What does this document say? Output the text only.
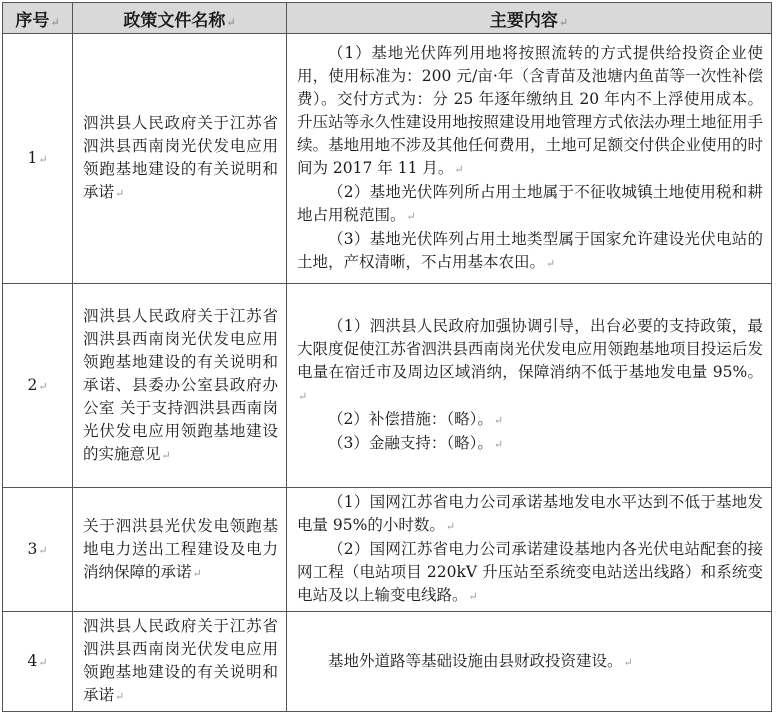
序号↵	政策文件名称↵	主要内容↵
1↵	泗洪县人民政府关于江苏省泗洪县西南岗光伏发电应用领跑基地建设的有关说明和承诺↵	（1）基地光伏阵列用地将按照流转的方式提供给投资企业使用，使用标准为：200 元/亩·年（含青苗及池塘内鱼苗等一次性补偿费）。交付方式为：分 25 年逐年缴纳且 20 年内不上浮使用成本。升压站等永久性建设用地按照建设用地管理方式依法办理土地征用手续。基地用地不涉及其他任何费用，土地可足额交付供企业使用的时间为 2017 年 11 月。↵

（2）基地光伏阵列所占用土地属于不征收城镇土地使用税和耕地占用税范围。↵

（3）基地光伏阵列占用土地类型属于国家允许建设光伏电站的土地，产权清晰，不占用基本农田。↵

2↵	泗洪县人民政府关于江苏省泗洪县西南岗光伏发电应用领跑基地建设的有关说明和承诺、县委办公室县政府办公室 关于支持泗洪县西南岗光伏发电应用领跑基地建设的实施意见↵	（1）泗洪县人民政府加强协调引导，出台必要的支持政策，最大限度促使江苏省泗洪县西南岗光伏发电应用领跑基地项目投运后发电量在宿迁市及周边区域消纳，保障消纳不低于基地发电量 95%。↵

（2）补偿措施：（略）。↵

（3）金融支持：（略）。↵

3↵	关于泗洪县光伏发电领跑基地电力送出工程建设及电力消纳保障的承诺↵	（1）国网江苏省电力公司承诺基地发电水平达到不低于基地发电量 95%的小时数。↵

（2）国网江苏省电力公司承诺建设基地内各光伏电站配套的接网工程（电站项目 220kV 升压站至系统变电站送出线路）和系统变电站及以上输变电线路。↵

4↵	泗洪县人民政府关于江苏省泗洪县西南岗光伏发电应用领跑基地建设的有关说明和承诺↵	基地外道路等基础设施由县财政投资建设。↵
